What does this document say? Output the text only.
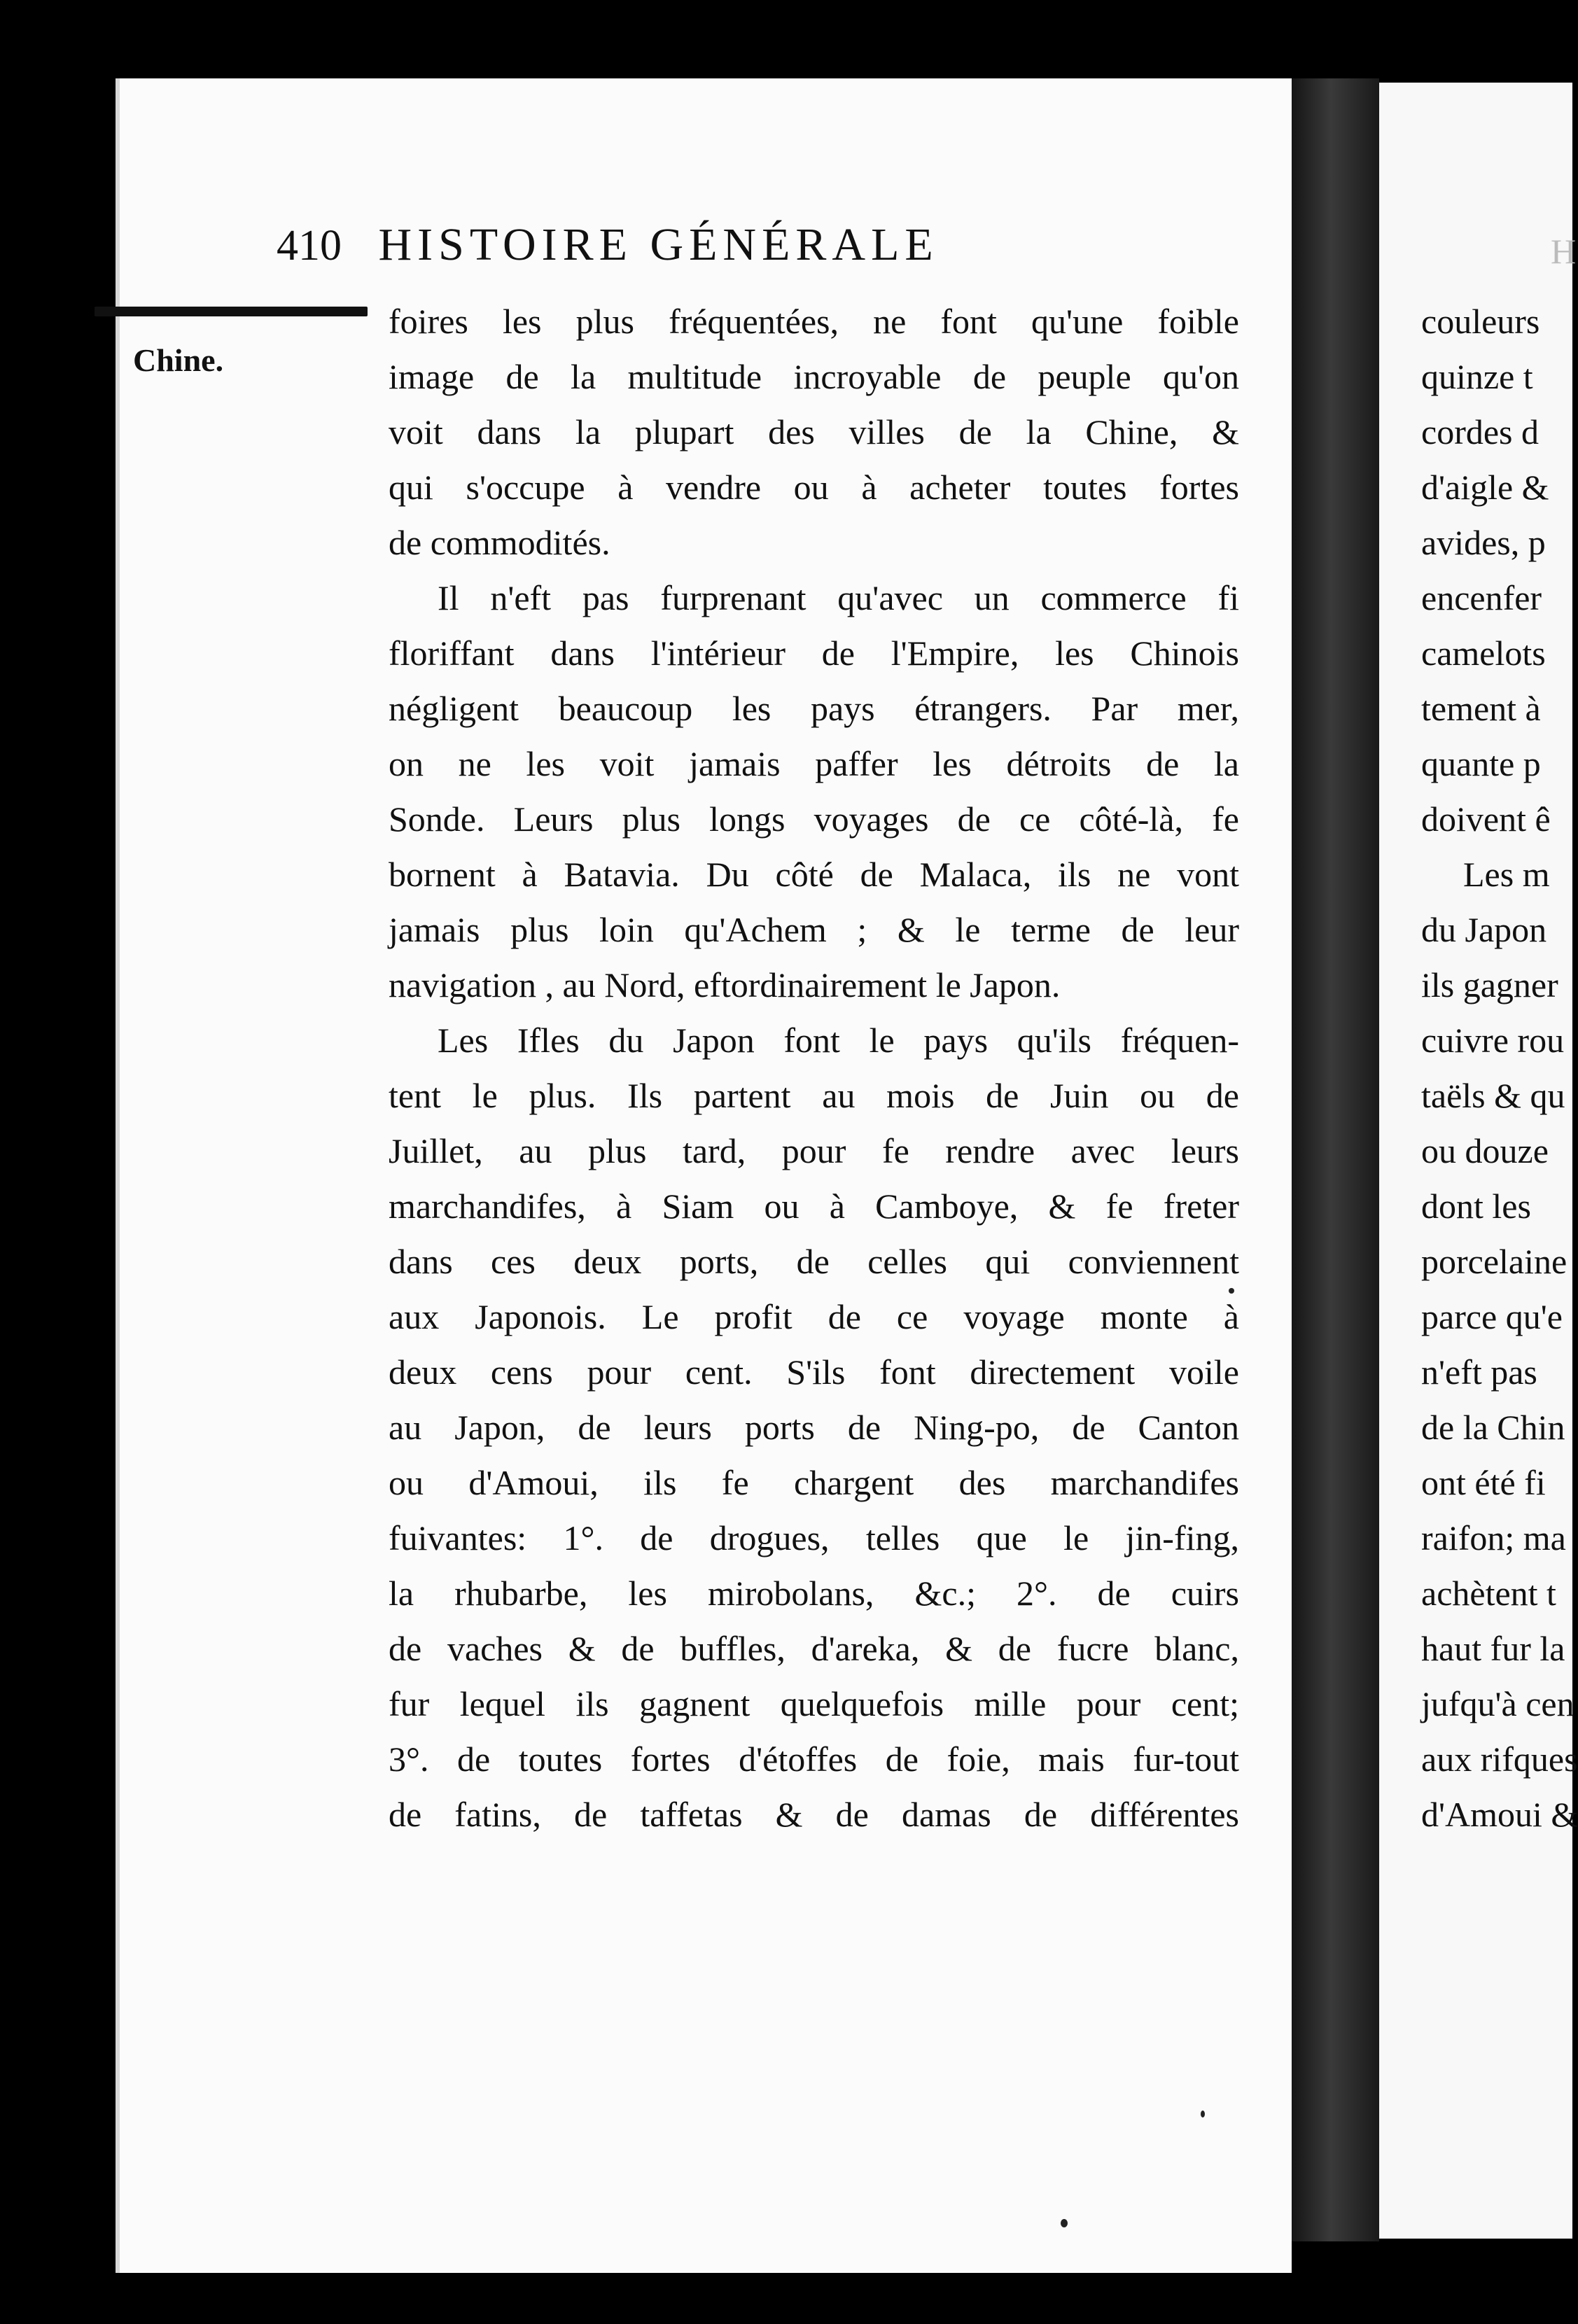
410 HISTOIRE GÉNÉRALE
Chine.
foires les plus fréquentées, ne font qu'une foible
image de la multitude incroyable de peuple qu'on
voit dans la plupart des villes de la Chine, &
qui s'occupe à vendre ou à acheter toutes fortes
de commodités.
Il n'eft pas furprenant qu'avec un commerce fi
floriffant dans l'intérieur de l'Empire, les Chinois
négligent beaucoup les pays étrangers. Par mer,
on ne les voit jamais paffer les détroits de la
Sonde. Leurs plus longs voyages de ce côté-là, fe
bornent à Batavia. Du côté de Malaca, ils ne vont
jamais plus loin qu'Achem ; & le terme de leur
navigation , au Nord, eftordinairement le Japon.
Les Ifles du Japon font le pays qu'ils fréquen-
tent le plus. Ils partent au mois de Juin ou de
Juillet, au plus tard, pour fe rendre avec leurs
marchandifes, à Siam ou à Camboye, & fe freter
dans ces deux ports, de celles qui conviennent
aux Japonois. Le profit de ce voyage monte à
deux cens pour cent. S'ils font directement voile
au Japon, de leurs ports de Ning-po, de Canton
ou d'Amoui, ils fe chargent des marchandifes
fuivantes: 1°. de drogues, telles que le jin-fing,
la rhubarbe, les mirobolans, &c.; 2°. de cuirs
de vaches & de buffles, d'areka, & de fucre blanc,
fur lequel ils gagnent quelquefois mille pour cent;
3°. de toutes fortes d'étoffes de foie, mais fur-tout
de fatins, de taffetas & de damas de différentes
H
couleurs
quinze t
cordes d
d'aigle &
avides, p
encenfer
camelots
tement à
quante p
doivent ê
Les m
du Japon
ils gagner
cuivre rou
taëls & qu
ou douze
dont les
porcelaine
parce qu'e
n'eft pas
de la Chin
ont été fi
raifon; ma
achètent t
haut fur la
jufqu'à cen
aux rifques
d'Amoui &
